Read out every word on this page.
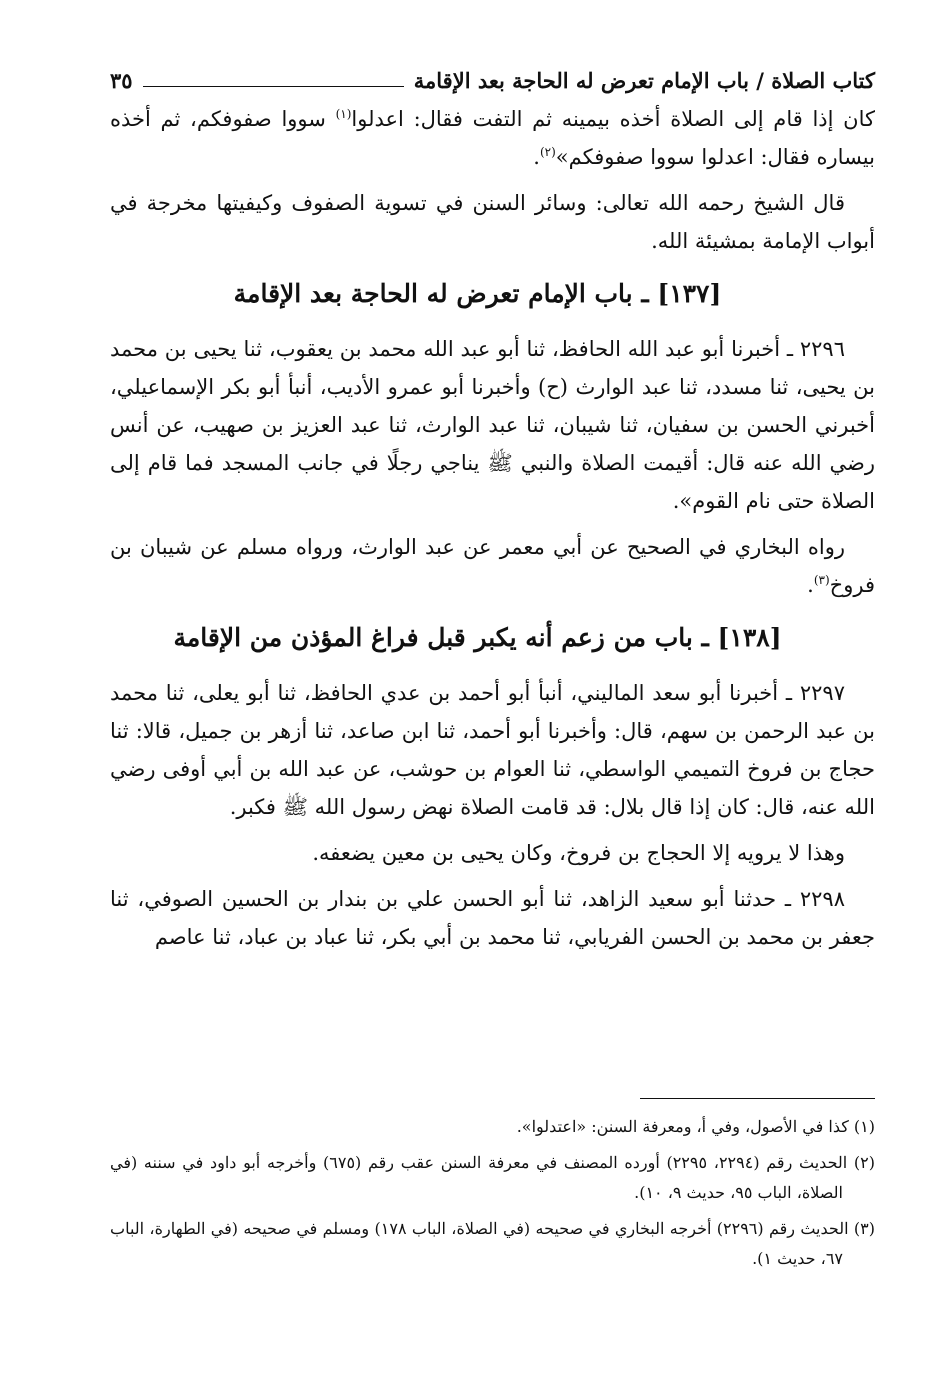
كتاب الصلاة / باب الإمام تعرض له الحاجة بعد الإقامة
٣٥

كان إذا قام إلى الصلاة أخذه بيمينه ثم التفت فقال: اعدلوا$^{(١)}$ سووا صفوفكم، ثم أخذه بيساره فقال: اعدلوا سووا صفوفكم»$^{(٢)}$.

قال الشيخ رحمه الله تعالى: وسائر السنن في تسوية الصفوف وكيفيتها مخرجة في أبواب الإمامة بمشيئة الله.

[١٣٧] ـ باب الإمام تعرض له الحاجة بعد الإقامة

٢٢٩٦ ـ أخبرنا أبو عبد الله الحافظ، ثنا أبو عبد الله محمد بن يعقوب، ثنا يحيى بن محمد بن يحيى، ثنا مسدد، ثنا عبد الوارث (ح) وأخبرنا أبو عمرو الأديب، أنبأ أبو بكر الإسماعيلي، أخبرني الحسن بن سفيان، ثنا شيبان، ثنا عبد الوارث، ثنا عبد العزيز بن صهيب، عن أنس رضي الله عنه قال: أقيمت الصلاة والنبي ﷺ يناجي رجلًا في جانب المسجد فما قام إلى الصلاة حتى نام القوم».

رواه البخاري في الصحيح عن أبي معمر عن عبد الوارث، ورواه مسلم عن شيبان بن فروخ$^{(٣)}$.

[١٣٨] ـ باب من زعم أنه يكبر قبل فراغ المؤذن من الإقامة

٢٢٩٧ ـ أخبرنا أبو سعد الماليني، أنبأ أبو أحمد بن عدي الحافظ، ثنا أبو يعلى، ثنا محمد بن عبد الرحمن بن سهم، قال: وأخبرنا أبو أحمد، ثنا ابن صاعد، ثنا أزهر بن جميل، قالا: ثنا حجاج بن فروخ التميمي الواسطي، ثنا العوام بن حوشب، عن عبد الله بن أبي أوفى رضي الله عنه، قال: كان إذا قال بلال: قد قامت الصلاة نهض رسول الله ﷺ فكبر.

وهذا لا يرويه إلا الحجاج بن فروخ، وكان يحيى بن معين يضعفه.

٢٢٩٨ ـ حدثنا أبو سعيد الزاهد، ثنا أبو الحسن علي بن بندار بن الحسين الصوفي، ثنا جعفر بن محمد بن الحسن الفريابي، ثنا محمد بن أبي بكر، ثنا عباد بن عباد، ثنا عاصم

(١) كذا في الأصول، وفي أ، ومعرفة السنن: «اعتدلوا».

(٢) الحديث رقم (٢٢٩٤، ٢٢٩٥) أورده المصنف في معرفة السنن عقب رقم (٦٧٥) وأخرجه أبو داود في سننه (في الصلاة، الباب ٩٥، حديث ٩، ١٠).

(٣) الحديث رقم (٢٢٩٦) أخرجه البخاري في صحيحه (في الصلاة، الباب ١٧٨) ومسلم في صحيحه (في الطهارة، الباب ٦٧، حديث ١).
